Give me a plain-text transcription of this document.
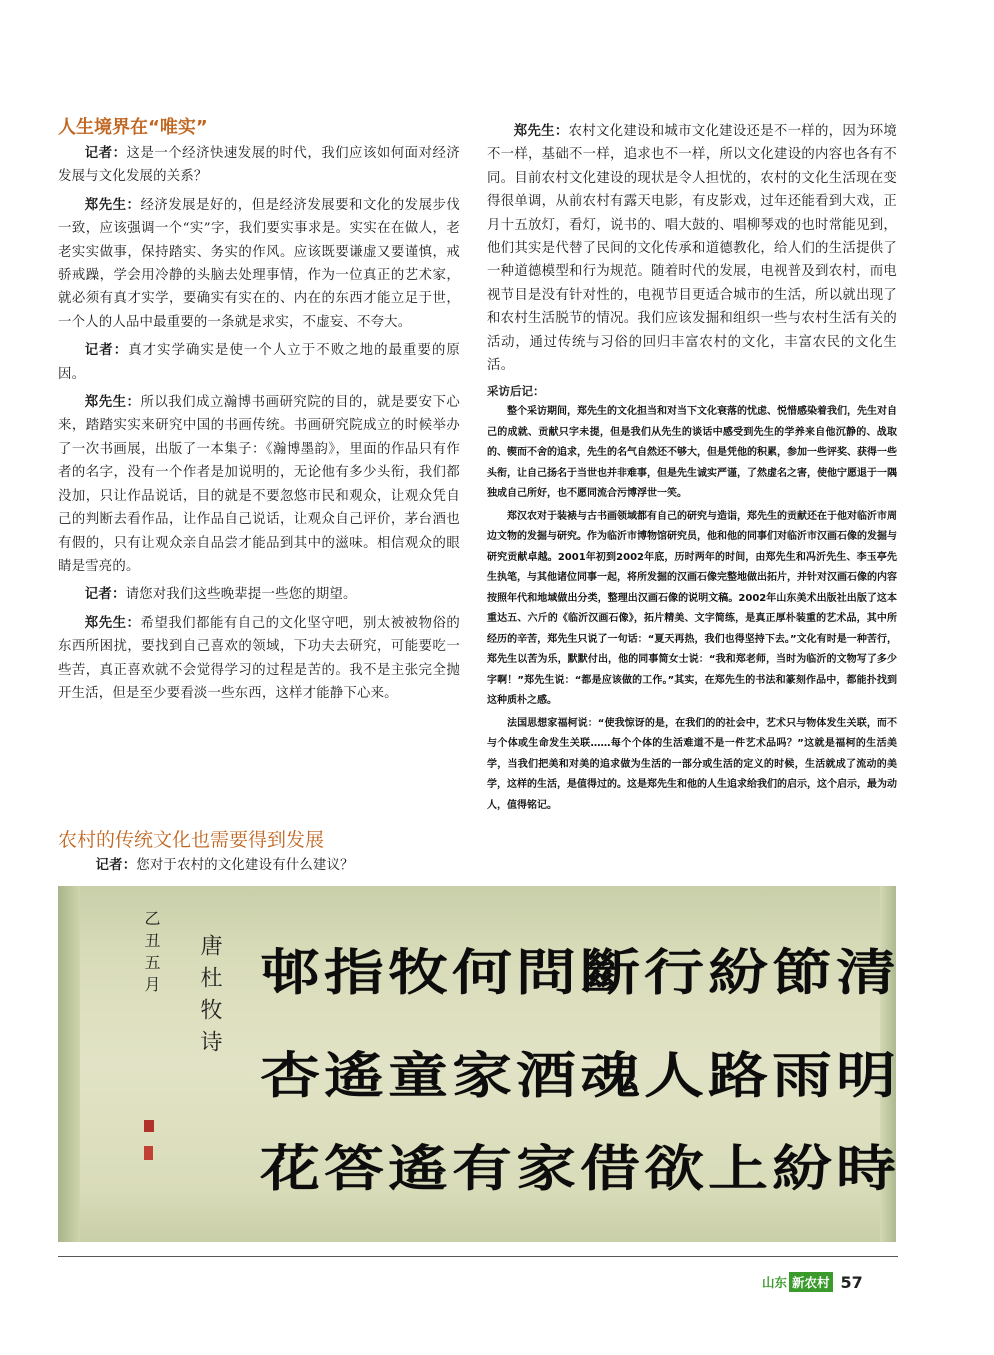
人生境界在“唯实”

记者：这是一个经济快速发展的时代，我们应该如何面对经济发展与文化发展的关系？

郑先生：经济发展是好的，但是经济发展要和文化的发展步伐一致，应该强调一个“实”字，我们要实事求是。实实在在做人，老老实实做事，保持踏实、务实的作风。应该既要谦虚又要谨慎，戒骄戒躁，学会用冷静的头脑去处理事情，作为一位真正的艺术家，就必须有真才实学，要确实有实在的、内在的东西才能立足于世，一个人的人品中最重要的一条就是求实，不虚妄、不夸大。

记者：真才实学确实是使一个人立于不败之地的最重要的原因。

郑先生：所以我们成立瀚博书画研究院的目的，就是要安下心来，踏踏实实来研究中国的书画传统。书画研究院成立的时候举办了一次书画展，出版了一本集子：《瀚博墨韵》，里面的作品只有作者的名字，没有一个作者是加说明的，无论他有多少头衔，我们都没加，只让作品说话，目的就是不要忽悠市民和观众，让观众凭自己的判断去看作品，让作品自己说话，让观众自己评价，茅台酒也有假的，只有让观众亲自品尝才能品到其中的滋味。相信观众的眼睛是雪亮的。

记者：请您对我们这些晚辈提一些您的期望。

郑先生：希望我们都能有自己的文化坚守吧，别太被被物俗的东西所困扰，要找到自己喜欢的领域，下功夫去研究，可能要吃一些苦，真正喜欢就不会觉得学习的过程是苦的。我不是主张完全抛开生活，但是至少要看淡一些东西，这样才能静下心来。

农村的传统文化也需要得到发展

记者：您对于农村的文化建设有什么建议？

郑先生：农村文化建设和城市文化建设还是不一样的，因为环境不一样，基础不一样，追求也不一样，所以文化建设的内容也各有不同。目前农村文化建设的现状是令人担忧的，农村的文化生活现在变得很单调，从前农村有露天电影，有皮影戏，过年还能看到大戏，正月十五放灯，看灯，说书的、唱大鼓的、唱柳琴戏的也时常能见到，他们其实是代替了民间的文化传承和道德教化，给人们的生活提供了一种道德模型和行为规范。随着时代的发展，电视普及到农村，而电视节目是没有针对性的，电视节目更适合城市的生活，所以就出现了和农村生活脱节的情况。我们应该发掘和组织一些与农村生活有关的活动，通过传统与习俗的回归丰富农村的文化，丰富农民的文化生活。

采访后记：

整个采访期间，郑先生的文化担当和对当下文化衰落的忧虑、悦惜感染着我们，先生对自己的成就、贡献只字未提，但是我们从先生的谈话中感受到先生的学养来自他沉静的、战取的、锲而不舍的追求，先生的名气自然还不够大，但是凭他的积累，参加一些评奖、获得一些头衔，让自己扬名于当世也并非难事，但是先生诚实严谨，了然虚名之害，使他宁愿退于一隅独成自己所好，也不愿同流合污博浮世一笑。

郑汉农对于装裱与古书画领域都有自己的研究与造诣，郑先生的贡献还在于他对临沂市周边文物的发掘与研究。作为临沂市博物馆研究员，他和他的同事们对临沂市汉画石像的发掘与研究贡献卓越。2001年初到2002年底，历时两年的时间，由郑先生和冯沂先生、李玉亭先生执笔，与其他诸位同事一起，将所发掘的汉画石像完整地做出拓片，并针对汉画石像的内容按照年代和地域做出分类，整理出汉画石像的说明文稿。2002年山东美术出版社出版了这本重达五、六斤的《临沂汉画石像》，拓片精美、文字简练，是真正厚朴装重的艺术品，其中所经历的辛苦，郑先生只说了一句话：“夏天再热，我们也得坚持下去。”文化有时是一种苦行，郑先生以苦为乐，默默付出，他的同事简女士说：“我和郑老师，当时为临沂的文物写了多少字啊！”郑先生说：“都是应该做的工作。”其实，在郑先生的书法和篆刻作品中，都能扑找到这种质朴之感。

法国思想家福柯说：“使我惊讶的是，在我们的的社会中，艺术只与物体发生关联，而不与个体或生命发生关联……每个个体的生活难道不是一件艺术品吗？”这就是福柯的生活美学，当我们把美和对美的追求做为生活的一部分或生活的定义的时候，生活就成了流动的美学，这样的生活，是值得过的。这是郑先生和他的人生追求给我们的启示，这个启示，最为动人，值得铭记。

乙丑五月 唐杜牧诗 邨 指 牧 何 問 斷 行 紛 節 清
杏 遙 童 家 酒 魂 人 路 雨 明
花 答 遙 有 家 借 欲 上 紛 時
山东 新农村 57
